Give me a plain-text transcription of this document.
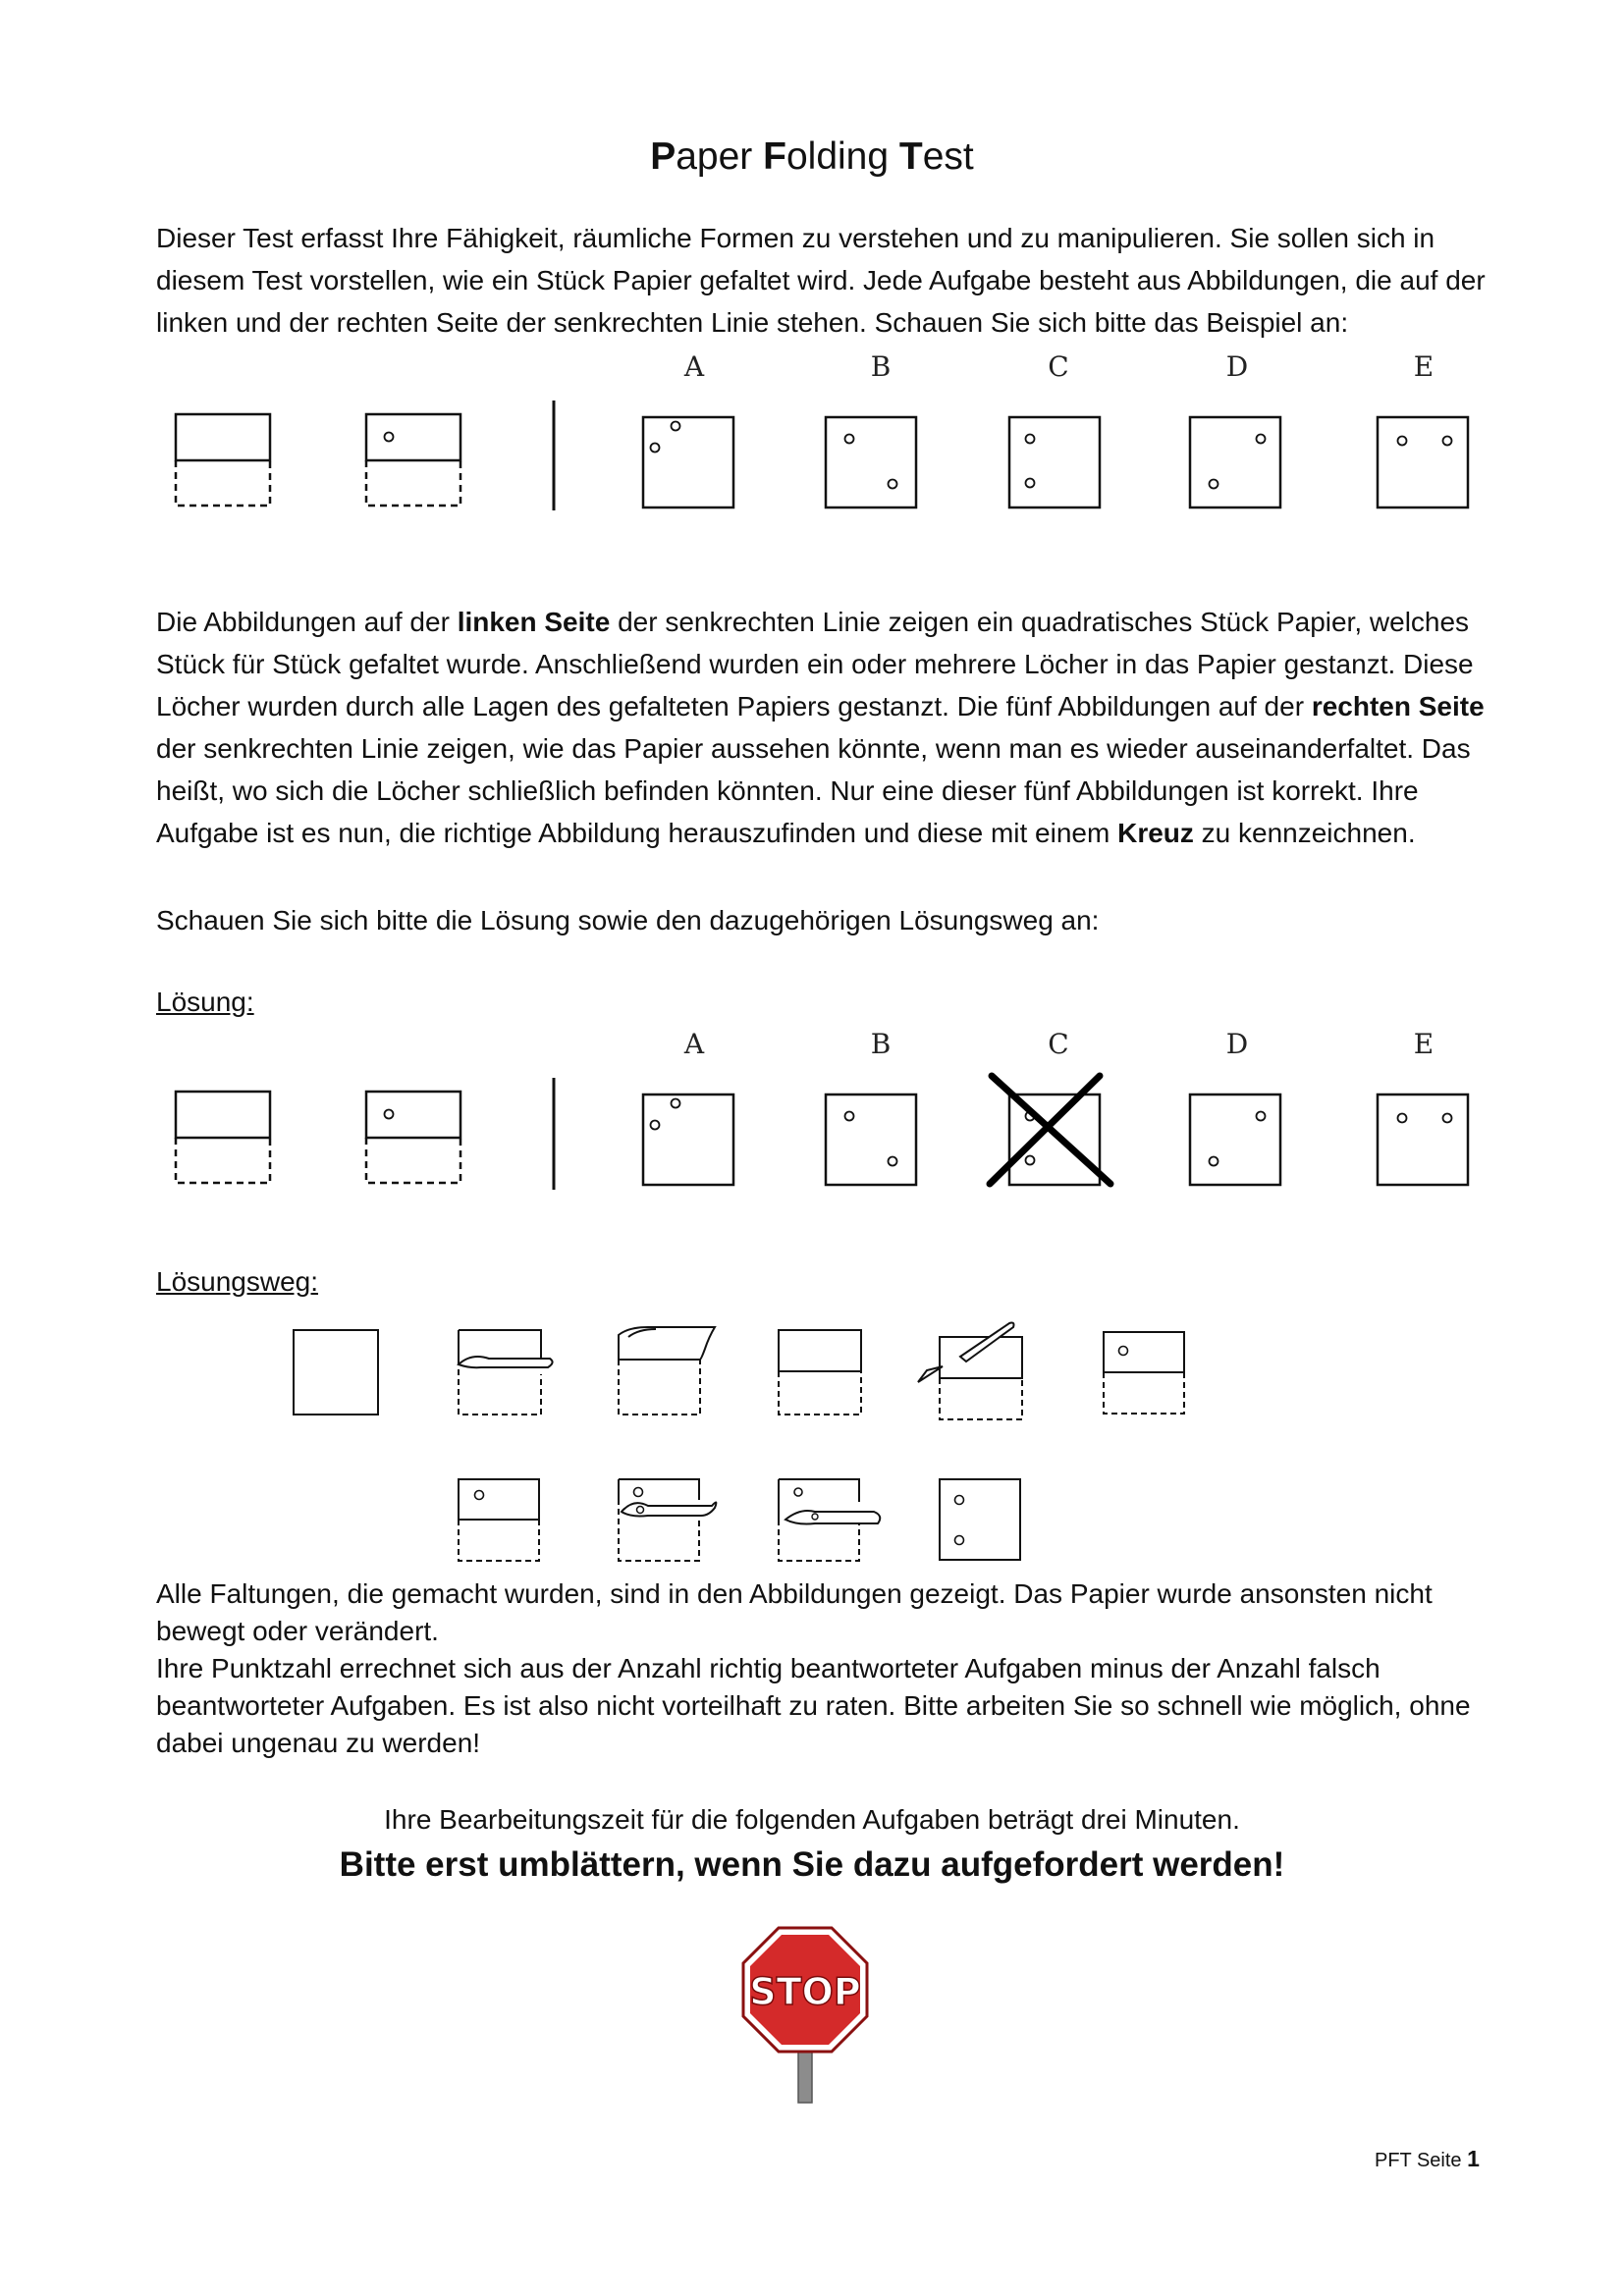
Paper Folding Test

Dieser Test erfasst Ihre Fähigkeit, räumliche Formen zu verstehen und zu manipulieren. Sie sollen sich in diesem Test vorstellen, wie ein Stück Papier gefaltet wird. Jede Aufgabe besteht aus Abbildungen, die auf der linken und der rechten Seite der senkrechten Linie stehen. Schauen Sie sich bitte das Beispiel an:

A	B	C	D	E

Die Abbildungen auf der linken Seite der senkrechten Linie zeigen ein quadratisches Stück Papier, welches Stück für Stück gefaltet wurde. Anschließend wurden ein oder mehrere Löcher in das Papier gestanzt. Diese Löcher wurden durch alle Lagen des gefalteten Papiers gestanzt. Die fünf Abbildungen auf der rechten Seite der senkrechten Linie zeigen, wie das Papier aussehen könnte, wenn man es wieder auseinanderfaltet. Das heißt, wo sich die Löcher schließlich befinden könnten. Nur eine dieser fünf Abbildungen ist korrekt. Ihre Aufgabe ist es nun, die richtige Abbildung herauszufinden und diese mit einem Kreuz zu kennzeichnen.

Schauen Sie sich bitte die Lösung sowie den dazugehörigen Lösungsweg an:

Lösung:
A	B	C	D	E
Lösungsweg:

Alle Faltungen, die gemacht wurden, sind in den Abbildungen gezeigt. Das Papier wurde ansonsten nicht bewegt oder verändert.

Ihre Punktzahl errechnet sich aus der Anzahl richtig beantworteter Aufgaben minus der Anzahl falsch beantworteter Aufgaben. Es ist also nicht vorteilhaft zu raten. Bitte arbeiten Sie so schnell wie möglich, ohne dabei ungenau zu werden!

Ihre Bearbeitungszeit für die folgenden Aufgaben beträgt drei Minuten.
Bitte erst umblättern, wenn Sie dazu aufgefordert werden!
STOP
PFT Seite 1
